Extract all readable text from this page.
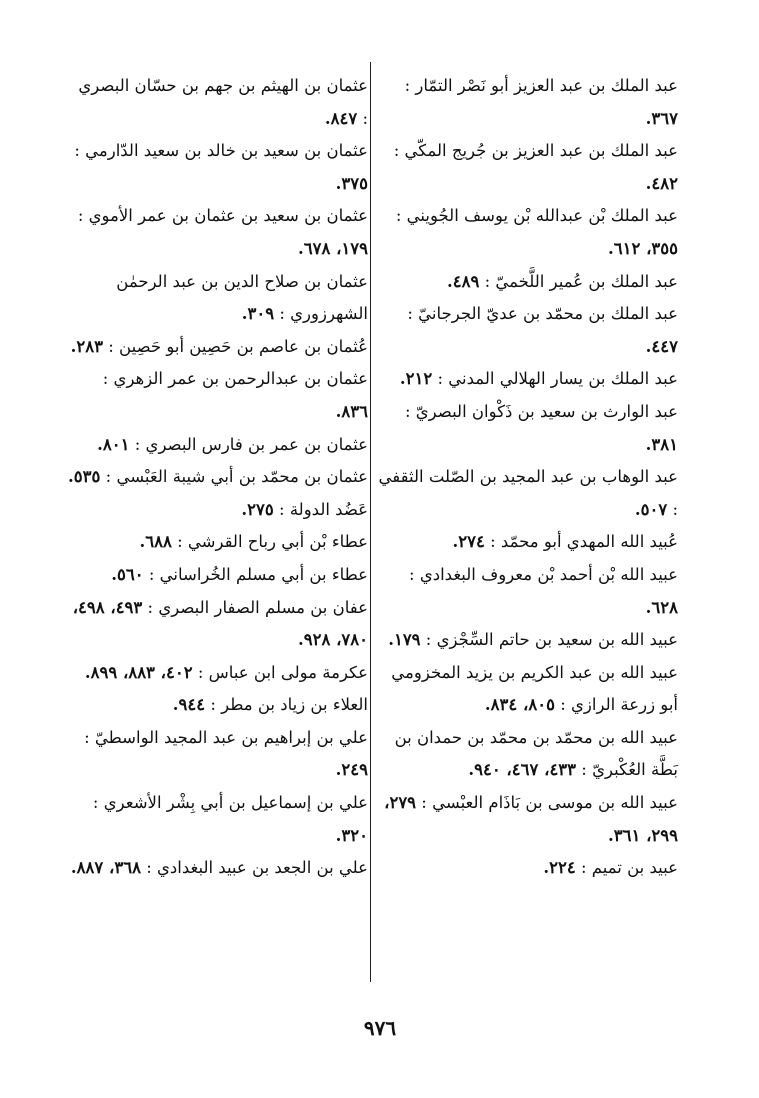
عبد الملك بن عبد العزيز أبو نَصْر التمّار : ٣٦٧.

عبد الملك بن عبد العزيز بن جُريج المكّي : ٤٨٢.

عبد الملك بْن عبدالله بْن يوسف الجُويني : ٣٥٥، ٦١٢.

عبد الملك بن عُمير اللَّخميّ : ٤٨٩.

عبد الملك بن محمّد بن عديّ الجرجانيّ : ٤٤٧.

عبد الملك بن يسار الهلالي المدني : ٢١٢.

عبد الوارث بن سعيد بن ذَكْوان البصريّ : ٣٨١.

عبد الوهاب بن عبد المجيد بن الصّلت الثقفي : ٥٠٧.

عُبيد الله المهدي أبو محمّد : ٢٧٤.

عبيد الله بْن أحمد بْن معروف البغدادي : ٦٢٨.

عبيد الله بن سعيد بن حاتم السِّجْزي : ١٧٩.

عبيد الله بن عبد الكريم بن يزيد المخزومي أبو زرعة الرازي : ٨٠٥، ٨٣٤.

عبيد الله بن محمّد بن محمّد بن حمدان بن بَطَّة العُكْبريّ : ٤٣٣، ٤٦٧، ٩٤٠.

عبيد الله بن موسى بن بَاذَام العبْسي : ٢٧٩، ٢٩٩، ٣٦١.

عبيد بن تميم : ٢٢٤.

عثمان بن الهيثم بن جهم بن حسّان البصري : ٨٤٧.

عثمان بن سعيد بن خالد بن سعيد الدّارمي : ٣٧٥.

عثمان بن سعيد بن عثمان بن عمر الأموي : ١٧٩، ٦٧٨.

عثمان بن صلاح الدين بن عبد الرحمٰن الشهرزوري : ٣٠٩.

عُثمان بن عاصم بن حَصِين أبو حَصِين : ٢٨٣.

عثمان بن عبدالرحمن بن عمر الزهري : ٨٣٦.

عثمان بن عمر بن فارس البصري : ٨٠١.

عثمان بن محمّد بن أبي شيبة العَبْسي : ٥٣٥.

عَضُد الدولة : ٢٧٥.

عطاء بْن أبي رباح القرشي : ٦٨٨.

عطاء بن أبي مسلم الخُراساني : ٥٦٠.

عفان بن مسلم الصفار البصري : ٤٩٣، ٤٩٨، ٧٨٠، ٩٢٨.

عكرمة مولى ابن عباس : ٤٠٢، ٨٨٣، ٨٩٩.

العلاء بن زياد بن مطر : ٩٤٤.

علي بن إبراهيم بن عبد المجيد الواسطيّ : ٢٤٩.

علي بن إسماعيل بن أبي بِشْر الأشعري : ٣٢٠.

علي بن الجعد بن عبيد البغدادي : ٣٦٨، ٨٨٧.

٩٧٦
